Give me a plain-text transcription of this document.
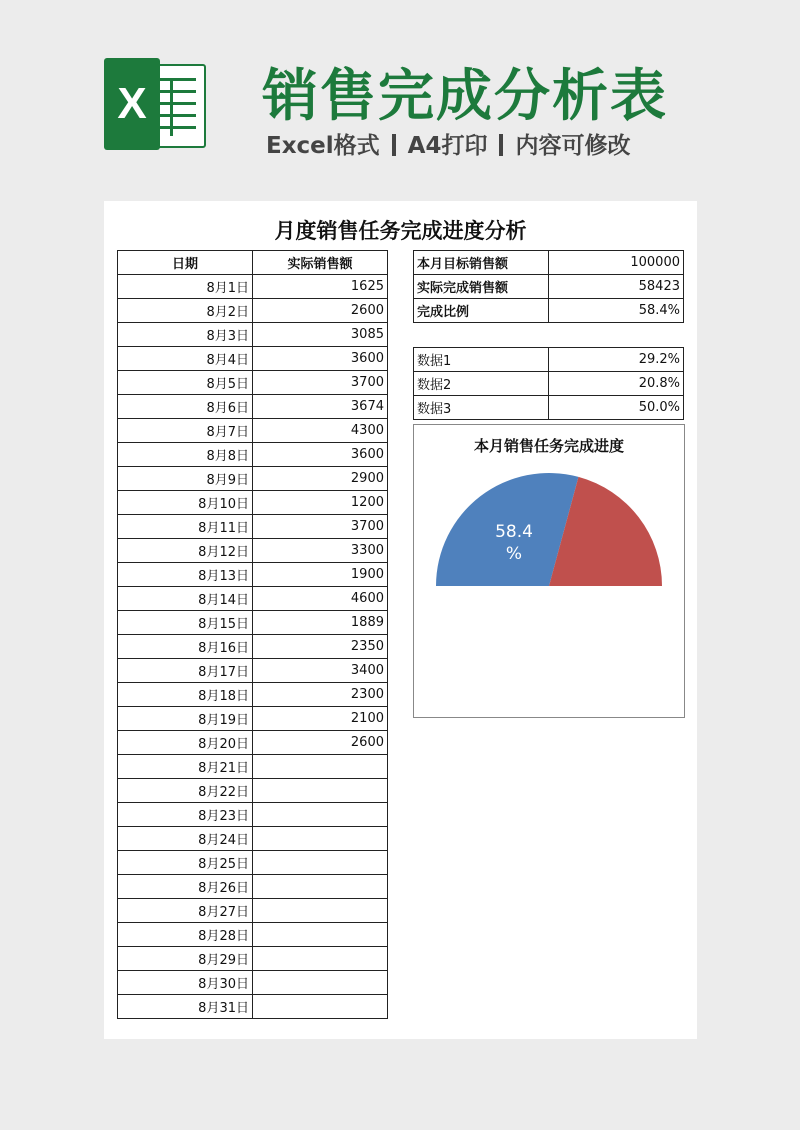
X 销售完成分析表
Excel格式 A4打印 内容可修改
月度销售任务完成进度分析
日期	实际销售额
8月1日	1625
8月2日	2600
8月3日	3085
8月4日	3600
8月5日	3700
8月6日	3674
8月7日	4300
8月8日	3600
8月9日	2900
8月10日	1200
8月11日	3700
8月12日	3300
8月13日	1900
8月14日	4600
8月15日	1889
8月16日	2350
8月17日	3400
8月18日	2300
8月19日	2100
8月20日	2600
8月21日	
8月22日	
8月23日	
8月24日	
8月25日	
8月26日	
8月27日	
8月28日	
8月29日	
8月30日	
8月31日	
本月目标销售额	100000
实际完成销售额	58423
完成比例	58.4%
数据1	29.2%
数据2	20.8%
数据3	50.0%
本月销售任务完成进度
58.4
%
